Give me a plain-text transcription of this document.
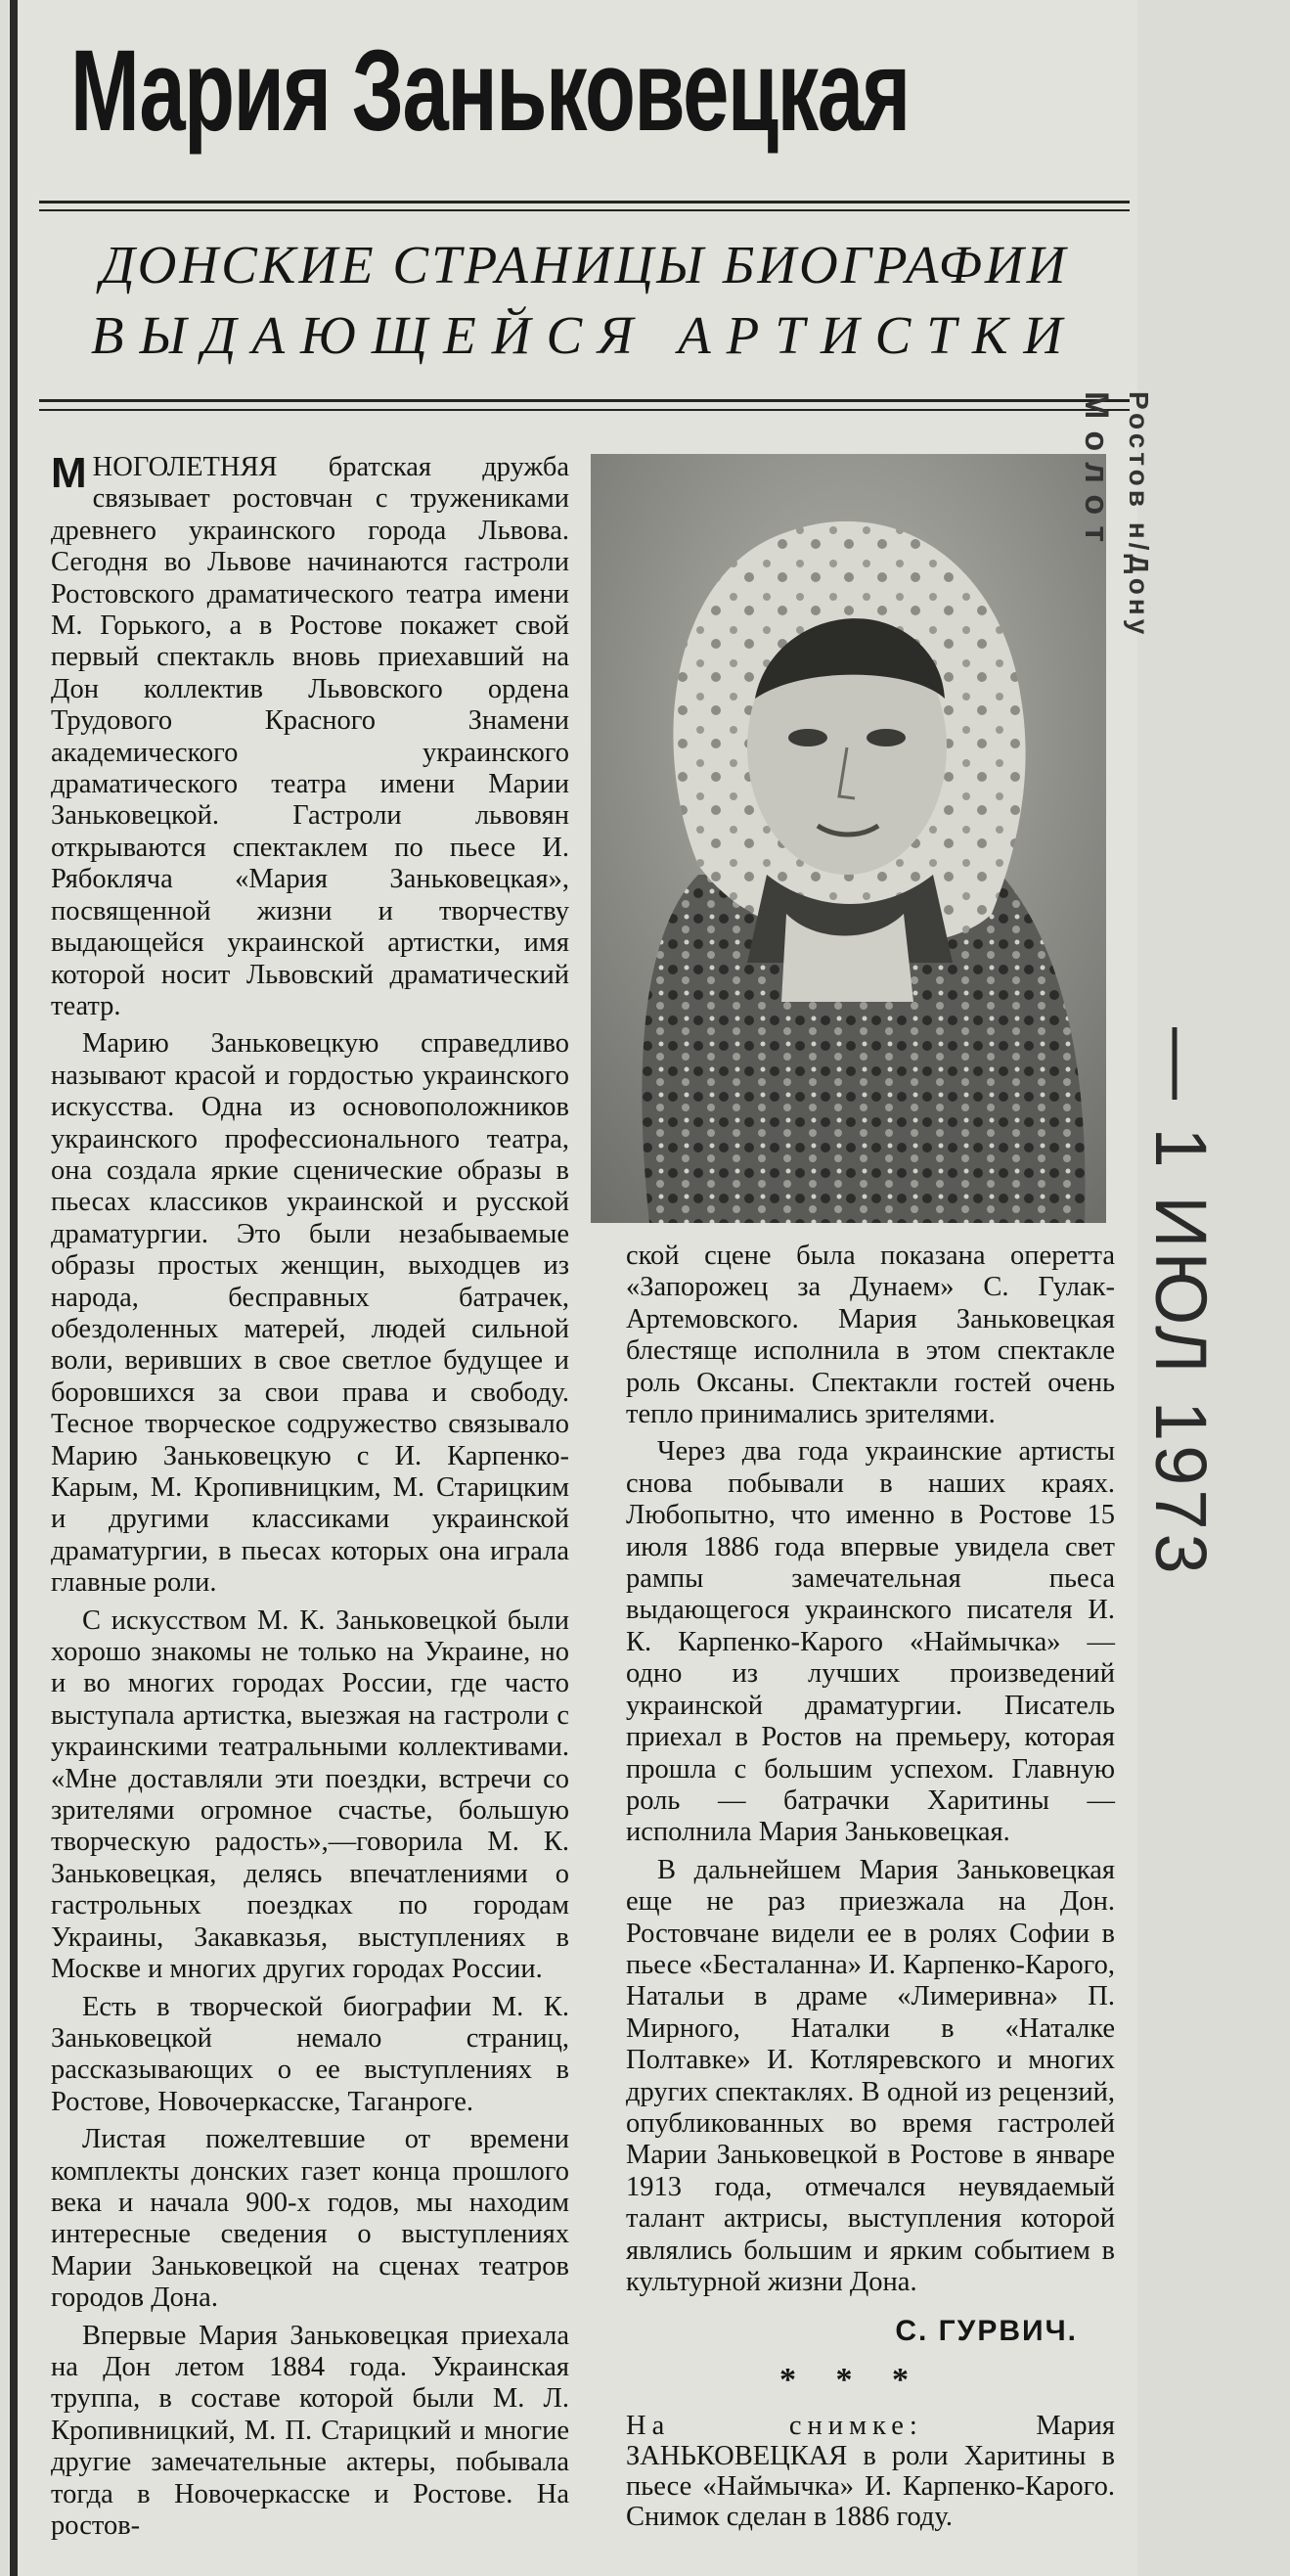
Мария Заньковецкая
ДОНСКИЕ СТРАНИЦЫ БИОГРАФИИ
ВЫДАЮЩЕЙСЯ АРТИСТКИ

МНОГОЛЕТНЯЯ братская дружба связывает ростовчан с тружениками древнего украинского города Львова. Сегодня во Львове начинаются гастроли Ростовского драматического театра имени М. Горького, а в Ростове покажет свой первый спектакль вновь приехавший на Дон коллектив Львовского ордена Трудового Красного Знамени академического украинского драматического театра имени Марии Заньковецкой. Гастроли львовян открываются спектаклем по пьесе И. Рябокляча «Мария Заньковецкая», посвященной жизни и творчеству выдающейся украинской артистки, имя которой носит Львовский драматический театр.

Марию Заньковецкую справедливо называют красой и гордостью украинского искусства. Одна из основоположников украинского профессионального театра, она создала яркие сценические образы в пьесах классиков украинской и русской драматургии. Это были незабываемые образы простых женщин, выходцев из народа, бесправных батрачек, обездоленных матерей, людей сильной воли, веривших в свое светлое будущее и боровшихся за свои права и свободу. Тесное творческое содружество связывало Марию Заньковецкую с И. Карпенко-Карым, М. Кропивницким, М. Старицким и другими классиками украинской драматургии, в пьесах которых она играла главные роли.

С искусством М. К. Заньковецкой были хорошо знакомы не только на Украине, но и во многих городах России, где часто выступала артистка, выезжая на гастроли с украинскими театральными коллективами. «Мне доставляли эти поездки, встречи со зрителями огромное счастье, большую творческую радость»,—говорила М. К. Заньковецкая, делясь впечатлениями о гастрольных поездках по городам Украины, Закавказья, выступлениях в Москве и многих других городах России.

Есть в творческой биографии М. К. Заньковецкой немало страниц, рассказывающих о ее выступлениях в Ростове, Новочеркасске, Таганроге.

Листая пожелтевшие от времени комплекты донских газет конца прошлого века и начала 900-х годов, мы находим интересные сведения о выступлениях Марии Заньковецкой на сценах театров городов Дона.

Впервые Мария Заньковецкая приехала на Дон летом 1884 года. Украинская труппа, в составе которой были М. Л. Кропивницкий, М. П. Старицкий и многие другие замечательные актеры, побывала тогда в Новочеркасске и Ростове. На ростов-

ской сцене была показана оперетта «Запорожец за Дунаем» С. Гулак-Артемовского. Мария Заньковецкая блестяще исполнила в этом спектакле роль Оксаны. Спектакли гостей очень тепло принимались зрителями.

Через два года украинские артисты снова побывали в наших краях. Любопытно, что именно в Ростове 15 июля 1886 года впервые увидела свет рампы замечательная пьеса выдающегося украинского писателя И. К. Карпенко-Карого «Наймычка» — одно из лучших произведений украинской драматургии. Писатель приехал в Ростов на премьеру, которая прошла с большим успехом. Главную роль — батрачки Харитины — исполнила Мария Заньковецкая.

В дальнейшем Мария Заньковецкая еще не раз приезжала на Дон. Ростовчане видели ее в ролях Софии в пьесе «Бесталанна» И. Карпенко-Карого, Натальи в драме «Лимеривна» П. Мирного, Наталки в «Наталке Полтавке» И. Котляревского и многих других спектаклях. В одной из рецензий, опубликованных во время гастролей Марии Заньковецкой в Ростове в январе 1913 года, отмечался неувядаемый талант актрисы, выступления которой являлись большим и ярким событием в культурной жизни Дона.

С. ГУРВИЧ.
* * *
На снимке: Мария ЗАНЬКОВЕЦКАЯ в роли Харитины в пьесе «Наймычка» И. Карпенко-Карого. Снимок сделан в 1886 году.
Молот Ростов н/Дону
— 1 ИЮЛ 1973
